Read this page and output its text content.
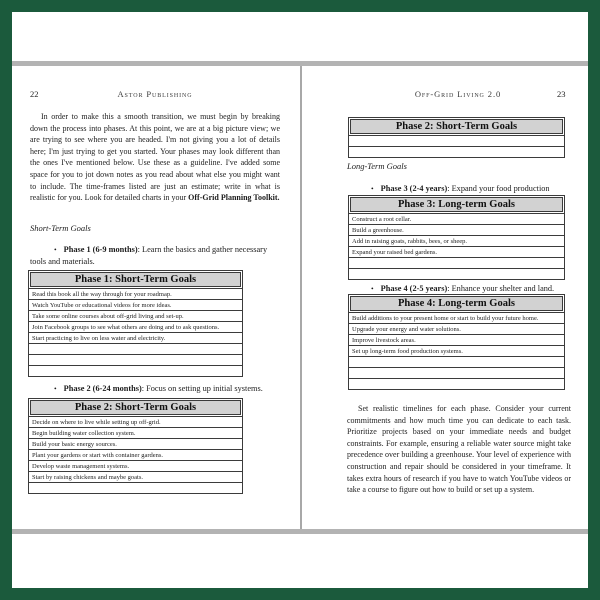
22	Astor Publishing
In order to make this a smooth transition, we must begin by breaking down the process into phases. At this point, we are at a big picture view; we are trying to see where you are headed. I'm not giving you a lot of details here; I'm just trying to get you started. Your phases may look different than the ones I've mentioned below. Use these as a guideline. I've added some space for you to jot down notes as you read about what else you might want to include. The time-frames listed are just an estimate; write in what is realistic for you. Look for detailed charts in your Off-Grid Planning Toolkit.
Short-Term Goals
• Phase 1 (6-9 months): Learn the basics and gather necessary tools and materials.
Phase 1: Short-Term Goals
Read this book all the way through for your roadmap.
Watch YouTube or educational videos for more ideas.
Take some online courses about off-grid living and set-up.
Join Facebook groups to see what others are doing and to ask questions.
Start practicing to live on less water and electricity.
• Phase 2 (6-24 months): Focus on setting up initial systems.
Phase 2: Short-Term Goals
Decide on where to live while setting up off-grid.
Begin building water collection system.
Build your basic energy sources.
Plant your gardens or start with container gardens.
Develop waste management systems.
Start by raising chickens and maybe goats.
Off-Grid Living 2.0	23
Phase 2: Short-Term Goals
Long-Term Goals
• Phase 3 (2-4 years): Expand your food production
Phase 3: Long-term Goals
Construct a root cellar.
Build a greenhouse.
Add in raising goats, rabbits, bees, or sheep.
Expand your raised bed gardens.
• Phase 4 (2-5 years): Enhance your shelter and land.
Phase 4: Long-term Goals
Build additions to your present home or start to build your future home.
Upgrade your energy and water solutions.
Improve livestock areas.
Set up long-term food production systems.
Set realistic timelines for each phase. Consider your current commitments and how much time you can dedicate to each task. Prioritize projects based on your immediate needs and budget constraints. For example, ensuring a reliable water source might take precedence over building a greenhouse. Your level of experience with construction and repair should be considered in your timeframe. It takes extra hours of research if you have to watch YouTube videos or take a course to figure out how to build or set up a system.
